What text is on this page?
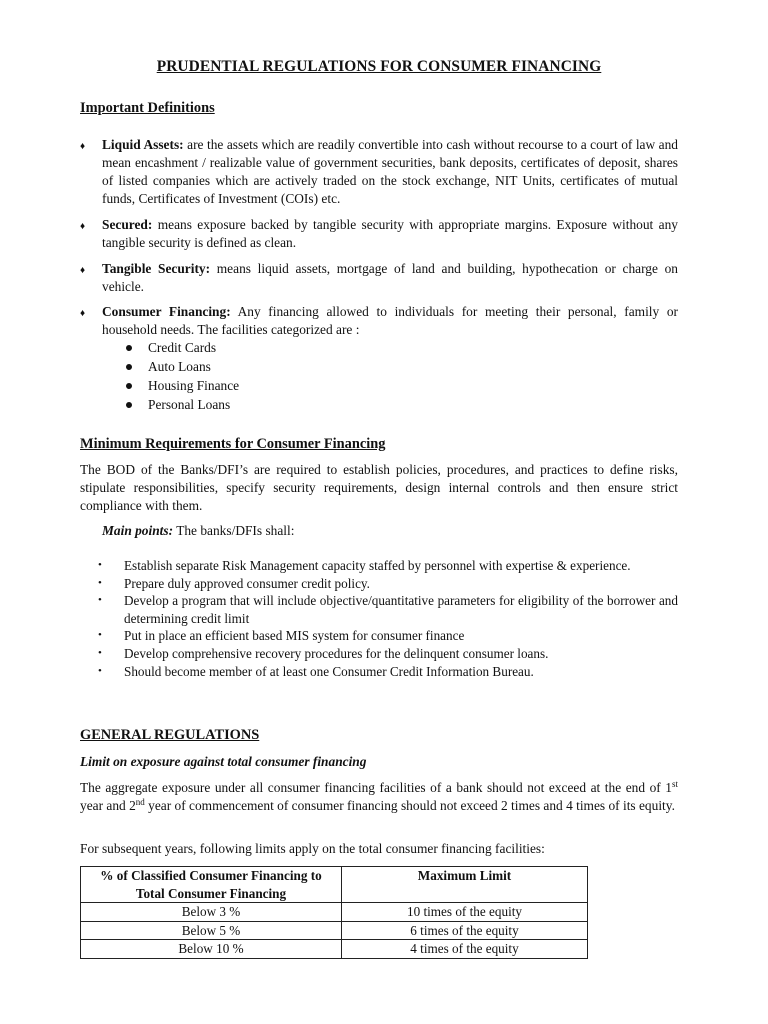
PRUDENTIAL REGULATIONS FOR CONSUMER FINANCING
Important Definitions
♦ Liquid Assets: are the assets which are readily convertible into cash without recourse to a court of law and mean encashment / realizable value of government securities, bank deposits, certificates of deposit, shares of listed companies which are actively traded on the stock exchange, NIT Units, certificates of mutual funds, Certificates of Investment (COIs) etc.
♦ Secured: means exposure backed by tangible security with appropriate margins. Exposure without any tangible security is defined as clean.
♦ Tangible Security: means liquid assets, mortgage of land and building, hypothecation or charge on vehicle.
♦ Consumer Financing: Any financing allowed to individuals for meeting their personal, family or household needs. The facilities categorized are :
Credit Cards
Auto Loans
Housing Finance
Personal Loans
Minimum Requirements for Consumer Financing
The BOD of the Banks/DFI’s are required to establish policies, procedures, and practices to define risks, stipulate responsibilities, specify security requirements, design internal controls and then ensure strict compliance with them.
Main points: The banks/DFIs shall:
• Establish separate Risk Management capacity staffed by personnel with expertise & experience.
• Prepare duly approved consumer credit policy.
• Develop a program that will include objective/quantitative parameters for eligibility of the borrower and determining credit limit
• Put in place an efficient based MIS system for consumer finance
• Develop comprehensive recovery procedures for the delinquent consumer loans.
• Should become member of at least one Consumer Credit Information Bureau.
GENERAL REGULATIONS
Limit on exposure against total consumer financing
The aggregate exposure under all consumer financing facilities of a bank should not exceed at the end of 1st year and 2nd year of commencement of consumer financing should not exceed 2 times and 4 times of its equity.
For subsequent years, following limits apply on the total consumer financing facilities:
% of Classified Consumer Financing to Total Consumer Financing	Maximum Limit
Below 3 %	10 times of the equity
Below 5 %	6 times of the equity
Below 10 %	4 times of the equity
